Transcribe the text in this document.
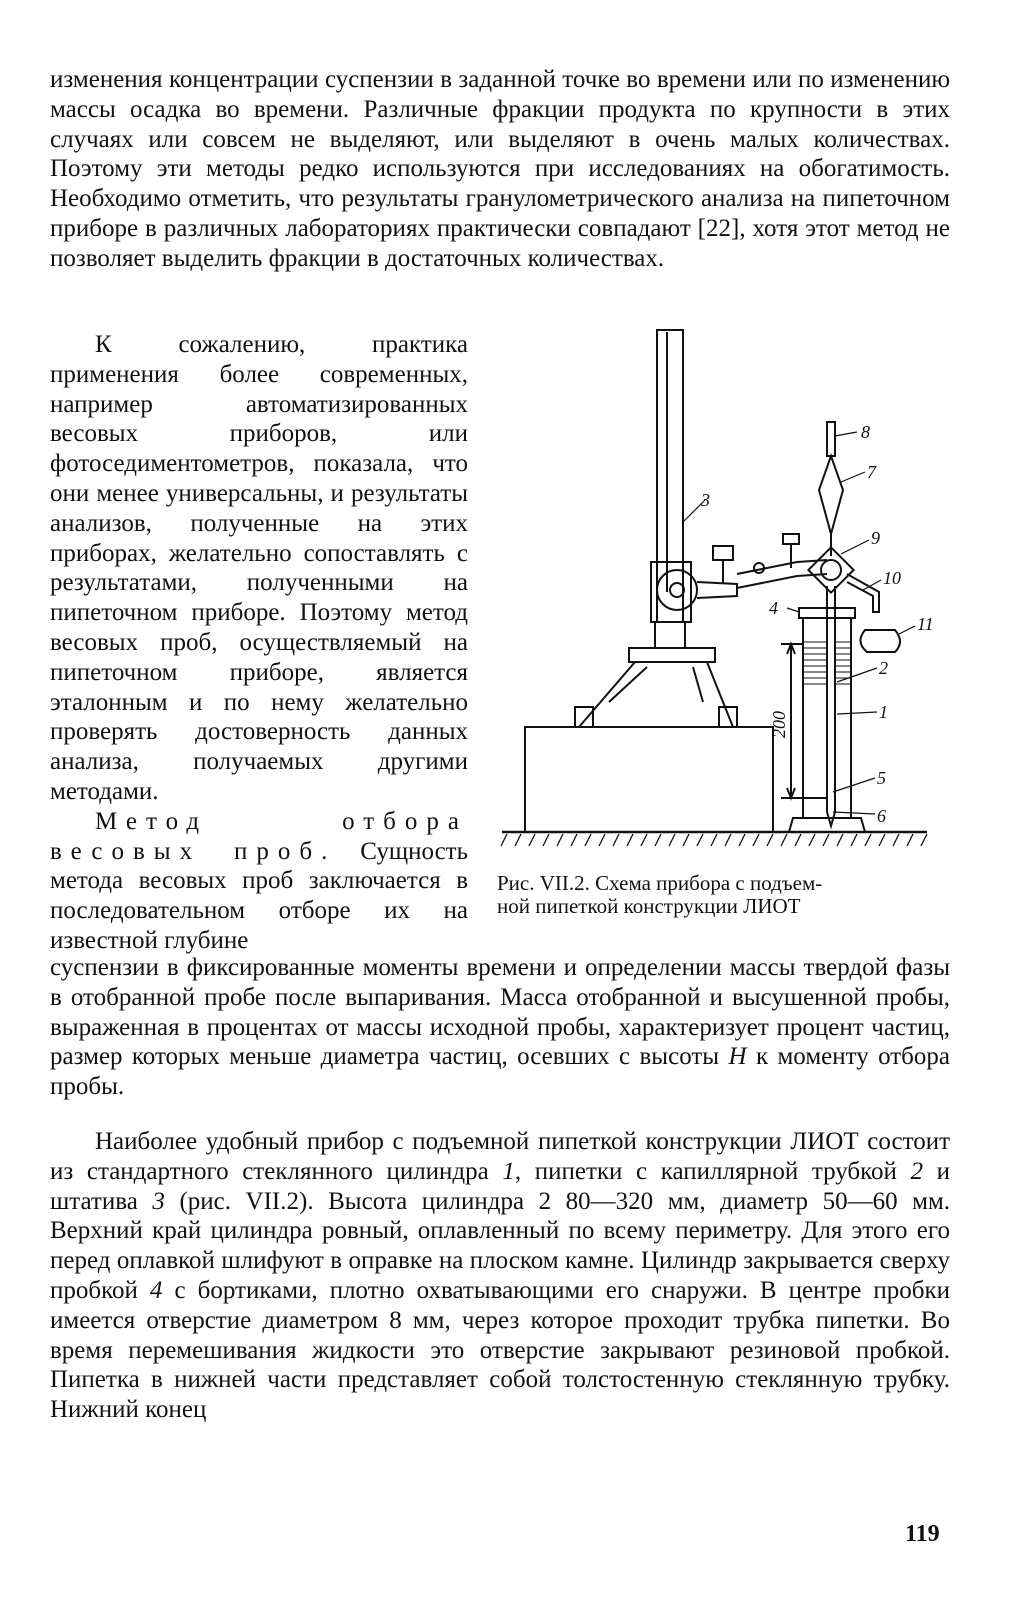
изменения концентрации суспензии в заданной точке во времени или по изменению массы осадка во времени. Различные фракции продукта по крупности в этих случаях или совсем не выделяют, или выделяют в очень малых количествах. Поэтому эти методы редко используются при исследованиях на обогатимость. Необходимо отметить, что результаты гранулометрического анализа на пипеточном приборе в различных лабораториях практически совпадают [22], хотя этот метод не позволяет выделить фракции в достаточных количествах.

К сожалению, практика применения более современных, например автоматизированных весовых приборов, или фотоседиментометров, показала, что они менее универсальны, и результаты анализов, полученные на этих приборах, желательно сопоставлять с результатами, полученными на пипеточном приборе. Поэтому метод весовых проб, осуществляемый на пипеточном приборе, является эталонным и по нему желательно проверять достоверность данных анализа, получаемых другими методами.

Метод отбора весовых проб. Сущность метода весовых проб заключается в последовательном отборе их на известной глубине

3
8
7
9
10
11
4
2
1
5
6
200
Рис. VII.2. Схема прибора с подъем-
ной пипеткой конструкции ЛИОТ

суспензии в фиксированные моменты времени и определении массы твердой фазы в отобранной пробе после выпаривания. Масса отобранной и высушенной пробы, выраженная в процентах от массы исходной пробы, характеризует процент частиц, размер которых меньше диаметра частиц, осевших с высоты H к моменту отбора пробы.

Наиболее удобный прибор с подъемной пипеткой конструкции ЛИОТ состоит из стандартного стеклянного цилиндра 1, пипетки с капиллярной трубкой 2 и штатива 3 (рис. VII.2). Высота цилиндра 2 80—320 мм, диаметр 50—60 мм. Верхний край цилиндра ровный, оплавленный по всему периметру. Для этого его перед оплавкой шлифуют в оправке на плоском камне. Цилиндр закрывается сверху пробкой 4 с бортиками, плотно охватывающими его снаружи. В центре пробки имеется отверстие диаметром 8 мм, через которое проходит трубка пипетки. Во время перемешивания жидкости это отверстие закрывают резиновой пробкой. Пипетка в нижней части представляет собой толстостенную стеклянную трубку. Нижний конец

119
